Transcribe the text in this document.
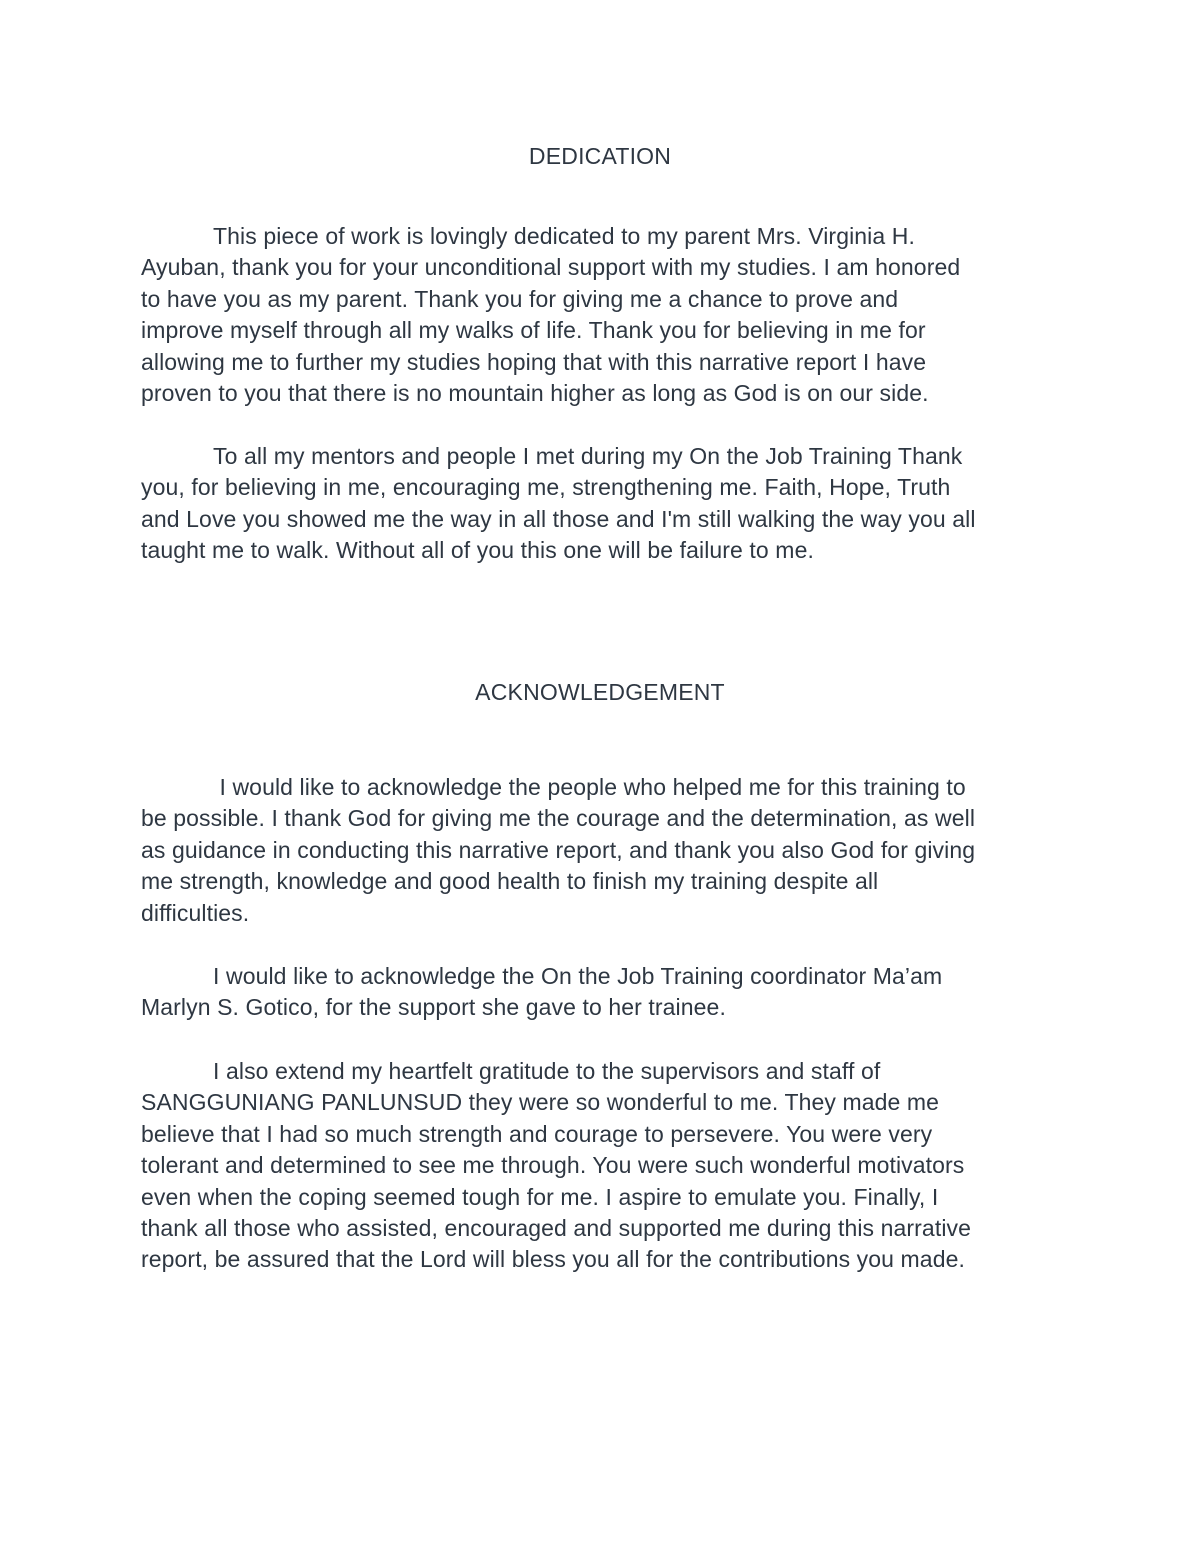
DEDICATION

This piece of work is lovingly dedicated to my parent Mrs. Virginia H.
Ayuban, thank you for your unconditional support with my studies. I am honored
to have you as my parent. Thank you for giving me a chance to prove and
improve myself through all my walks of life. Thank you for believing in me for
allowing me to further my studies hoping that with this narrative report I have
proven to you that there is no mountain higher as long as God is on our side.

To all my mentors and people I met during my On the Job Training Thank
you, for believing in me, encouraging me, strengthening me. Faith, Hope, Truth
and Love you showed me the way in all those and I'm still walking the way you all
taught me to walk. Without all of you this one will be failure to me.

ACKNOWLEDGEMENT

I would like to acknowledge the people who helped me for this training to
be possible. I thank God for giving me the courage and the determination, as well
as guidance in conducting this narrative report, and thank you also God for giving
me strength, knowledge and good health to finish my training despite all
difficulties.

I would like to acknowledge the On the Job Training coordinator Ma’am
Marlyn S. Gotico, for the support she gave to her trainee.

I also extend my heartfelt gratitude to the supervisors and staff of
SANGGUNIANG PANLUNSUD they were so wonderful to me. They made me
believe that I had so much strength and courage to persevere. You were very
tolerant and determined to see me through. You were such wonderful motivators
even when the coping seemed tough for me. I aspire to emulate you. Finally, I
thank all those who assisted, encouraged and supported me during this narrative
report, be assured that the Lord will bless you all for the contributions you made.
